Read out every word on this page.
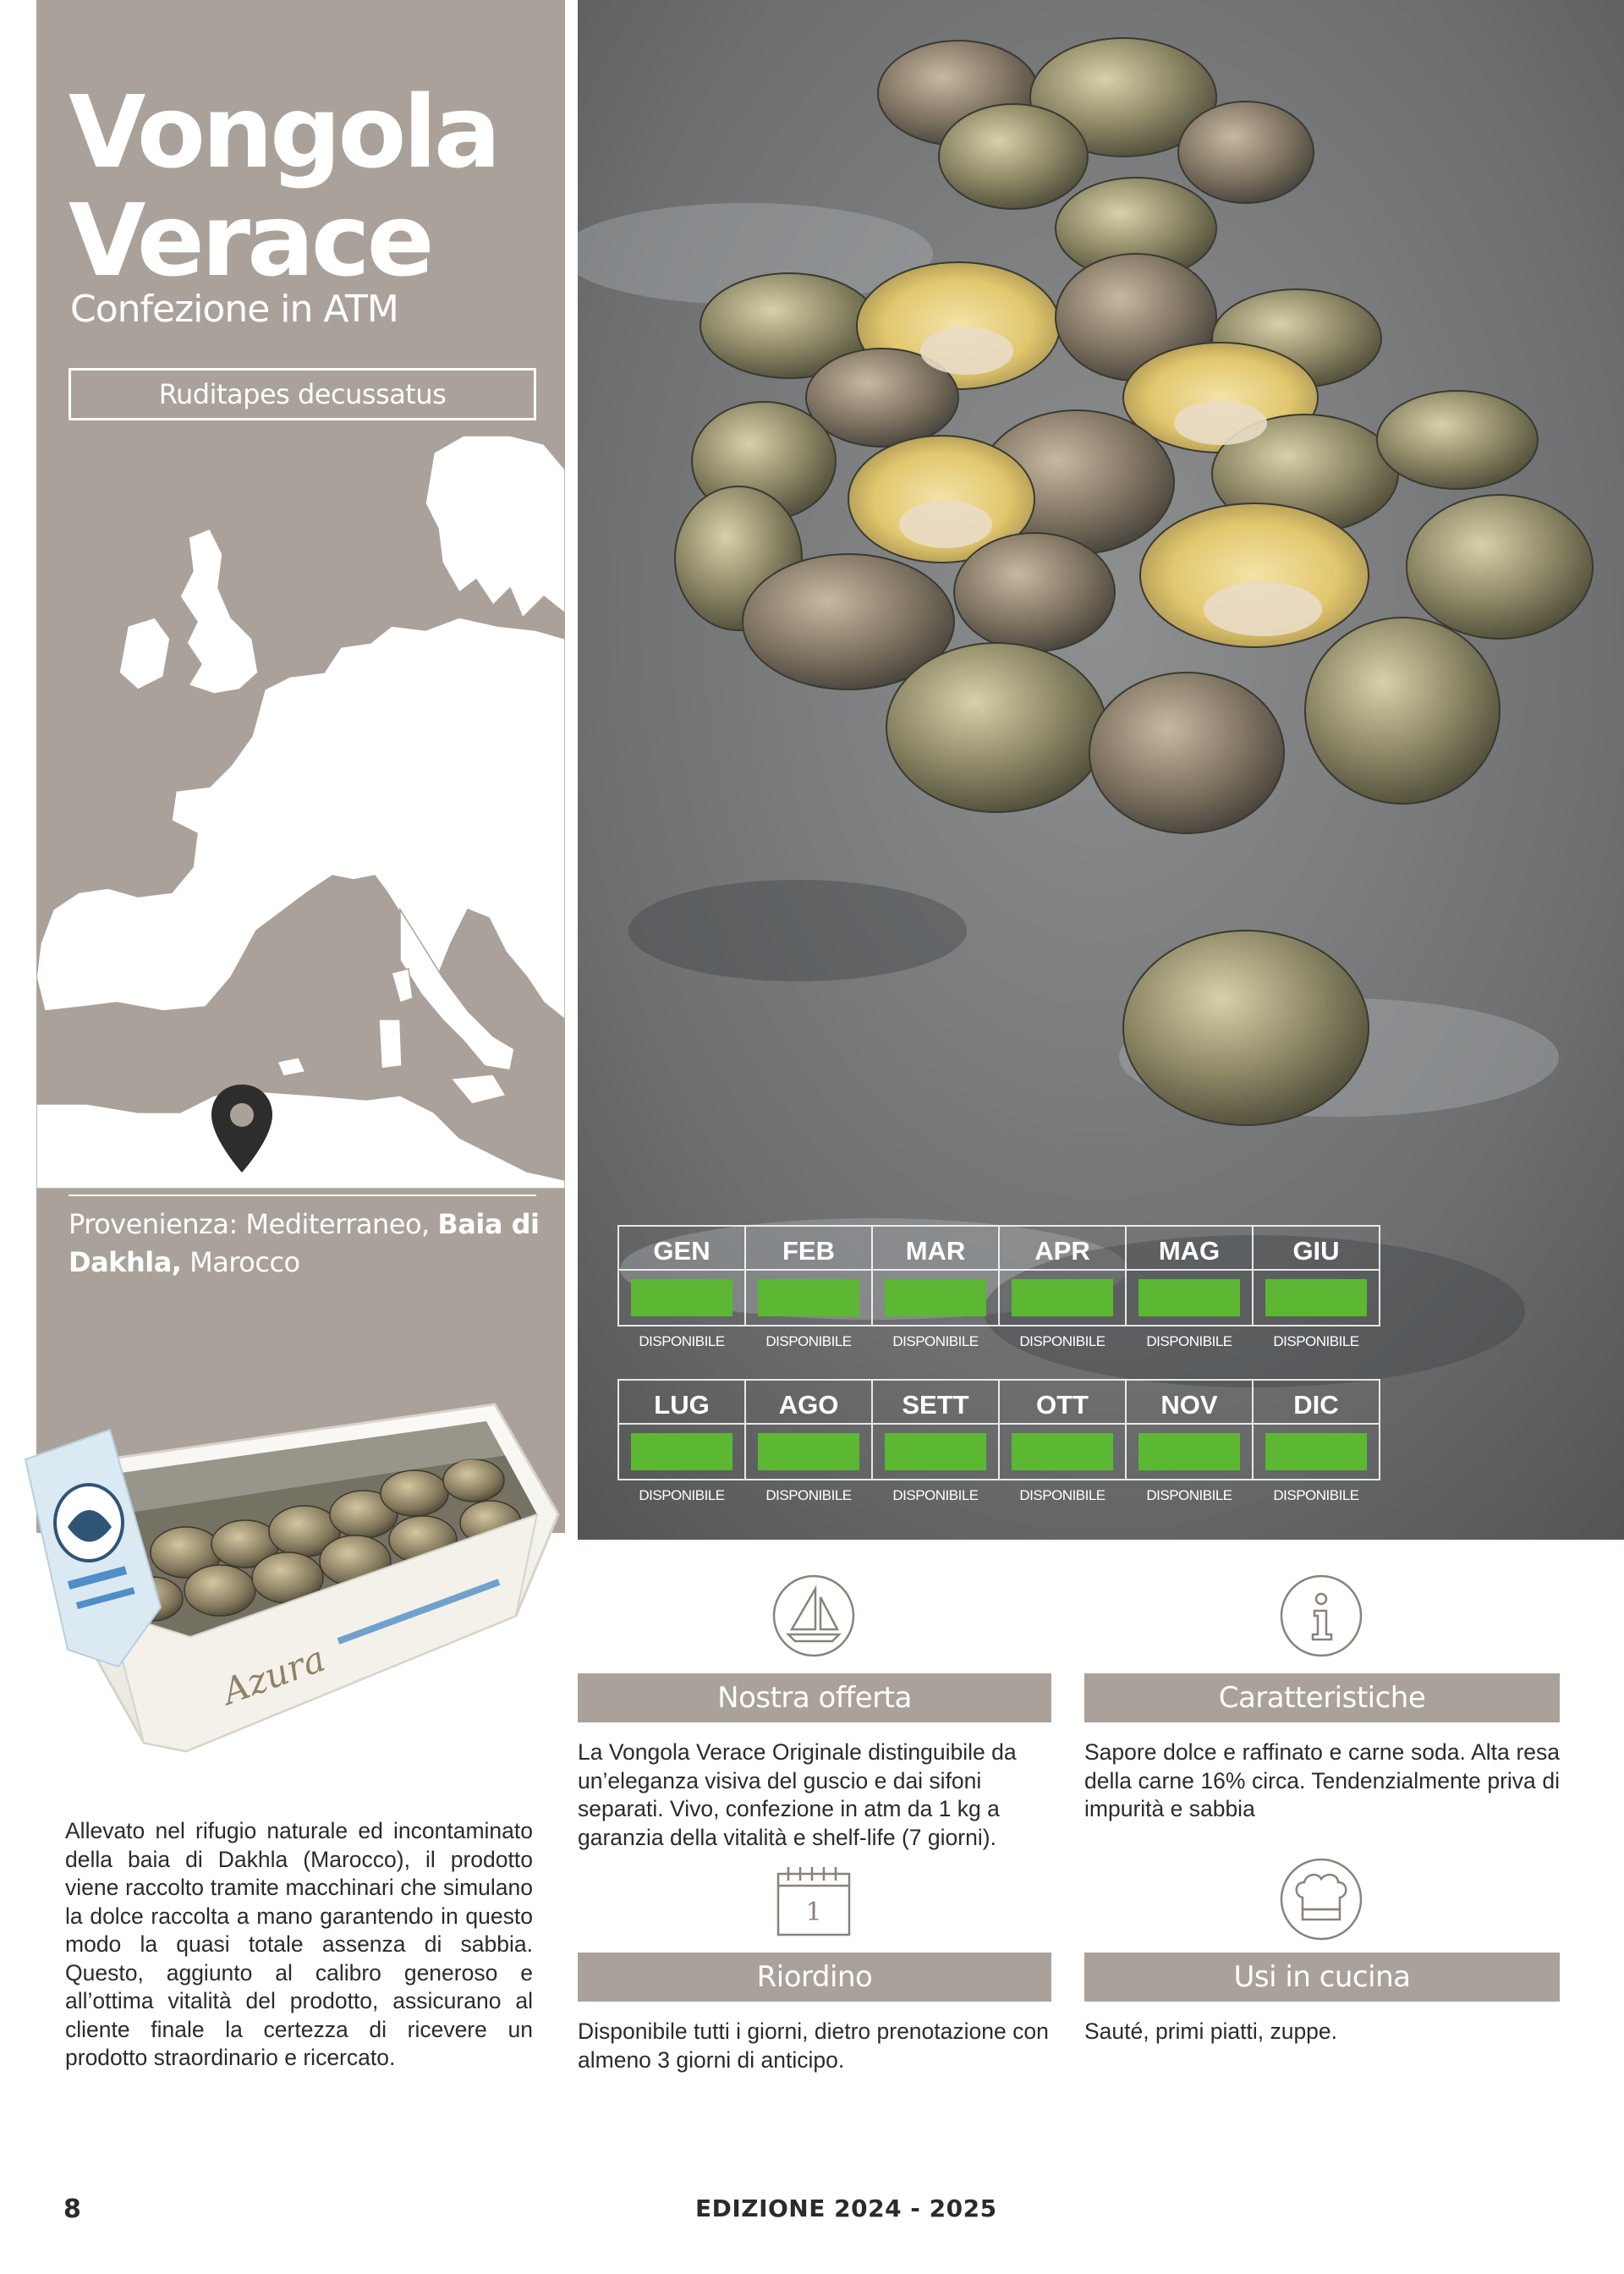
Vongola
Verace
Confezione in ATM
Ruditapes decussatus
Provenienza: Mediterraneo, Baia di Dakhla, Marocco	GEN
DISPONIBILE
FEB
DISPONIBILE
MAR
DISPONIBILE
APR
DISPONIBILE
MAG
DISPONIBILE
GIU
DISPONIBILE
LUG
DISPONIBILE
AGO
DISPONIBILE
SETT
DISPONIBILE
OTT
DISPONIBILE
NOV
DISPONIBILE
DIC
DISPONIBILE
Azura
Allevato nel rifugio naturale ed incontaminato della baia di Dakhla (Marocco), il prodotto viene raccolto tramite macchinari che simulano la dolce raccolta a mano garantendo in questo modo la quasi totale assenza di sabbia. Questo, aggiunto al calibro generoso e all’ottima vitalità del prodotto, assicurano al cliente finale la certezza di ricevere un prodotto straordinario e ricercato.
Nostra offerta
La Vongola Verace Originale distinguibile da un’eleganza visiva del guscio e dai sifoni separati. Vivo, confezione in atm da 1 kg a garanzia della vitalità e shelf-life (7 giorni).
Caratteristiche
Sapore dolce e raffinato e carne soda. Alta resa della carne 16% circa. Tendenzialmente priva di impurità e sabbia
1
Riordino
Disponibile tutti i giorni, dietro prenotazione con almeno 3 giorni di anticipo.
Usi in cucina
Sauté, primi piatti, zuppe.
8	EDIZIONE 2024 - 2025
